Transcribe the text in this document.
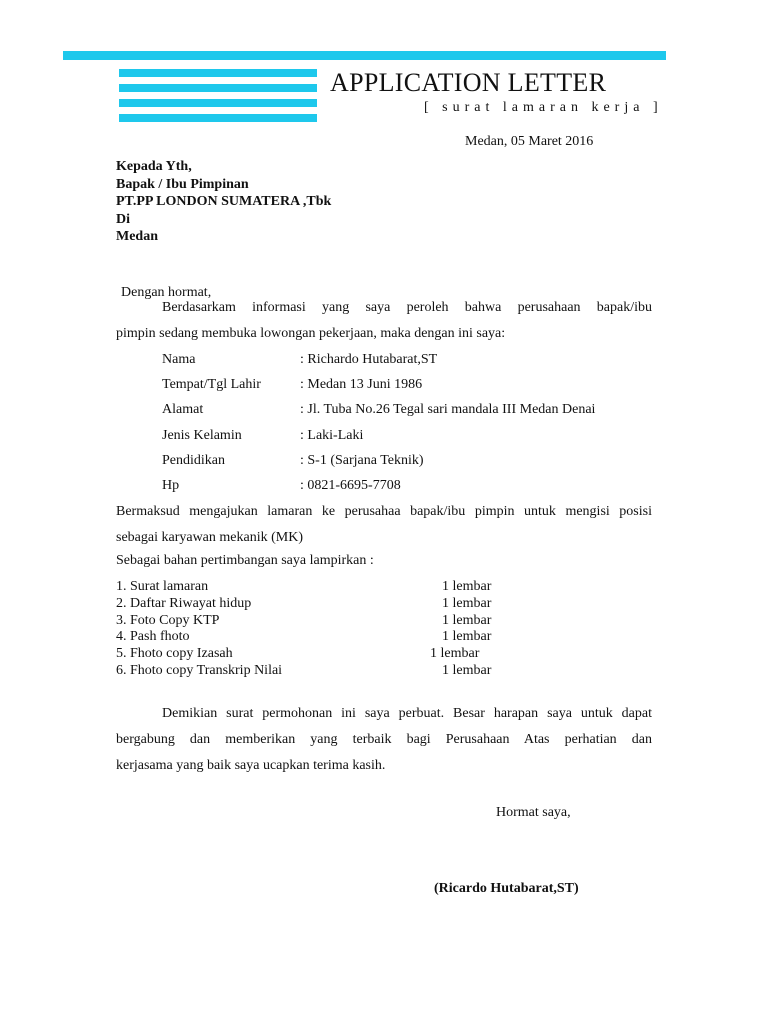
APPLICATION LETTER
[ surat lamaran kerja ]
Medan, 05 Maret 2016
Kepada Yth,
Bapak / Ibu Pimpinan
PT.PP LONDON SUMATERA ,Tbk
Di
Medan
Dengan hormat,
Berdasarkam informasi yang saya peroleh bahwa perusahaan bapak/ibu
pimpin sedang membuka lowongan pekerjaan, maka dengan ini saya:
Nama	: Richardo Hutabarat,ST
Tempat/Tgl Lahir	: Medan 13 Juni 1986
Alamat	: Jl. Tuba No.26 Tegal sari mandala III Medan Denai
Jenis Kelamin	: Laki-Laki
Pendidikan	: S-1 (Sarjana Teknik)
Hp	: 0821-6695-7708
Bermaksud mengajukan lamaran ke perusahaa bapak/ibu pimpin untuk mengisi posisi
sebagai karyawan mekanik (MK)
Sebagai bahan pertimbangan saya lampirkan :
1. Surat lamaran	1 lembar
2. Daftar Riwayat hidup	1 lembar
3. Foto Copy KTP	1 lembar
4. Pash fhoto	1 lembar
5. Fhoto copy Izasah	1 lembar
6. Fhoto copy Transkrip Nilai	1 lembar
Demikian surat permohonan ini saya perbuat. Besar harapan saya untuk dapat
bergabung dan memberikan yang terbaik bagi Perusahaan Atas perhatian dan
kerjasama yang baik saya ucapkan terima kasih.
Hormat saya,
(Ricardo Hutabarat,ST)
